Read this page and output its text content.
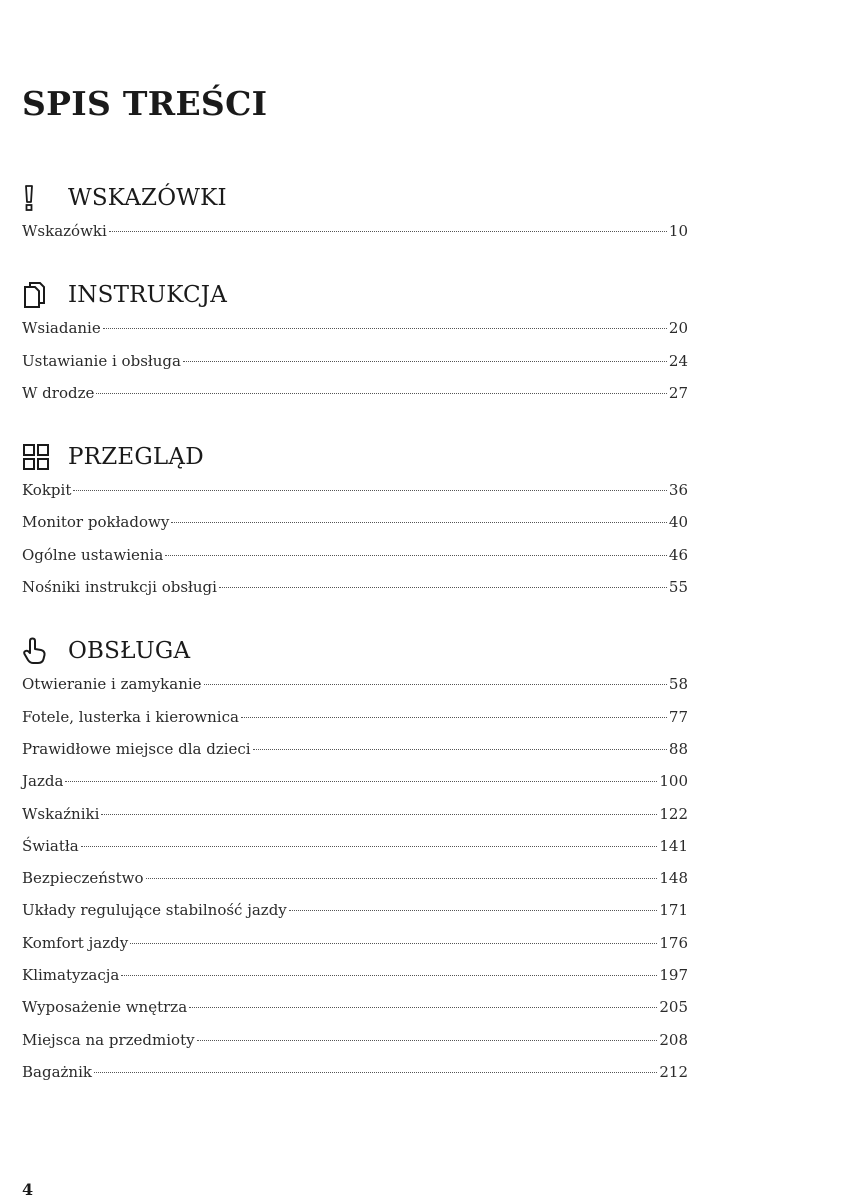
SPIS TREŚCI
WSKAZÓWKI
Wskazówki	10
INSTRUKCJA
Wsiadanie	20
Ustawianie i obsługa	24
W drodze	27
PRZEGLĄD
Kokpit	36
Monitor pokładowy	40
Ogólne ustawienia	46
Nośniki instrukcji obsługi	55
OBSŁUGA
Otwieranie i zamykanie	58
Fotele, lusterka i kierownica	77
Prawidłowe miejsce dla dzieci	88
Jazda	100
Wskaźniki	122
Światła	141
Bezpieczeństwo	148
Układy regulujące stabilność jazdy	171
Komfort jazdy	176
Klimatyzacja	197
Wyposażenie wnętrza	205
Miejsca na przedmioty	208
Bagażnik	212
4
